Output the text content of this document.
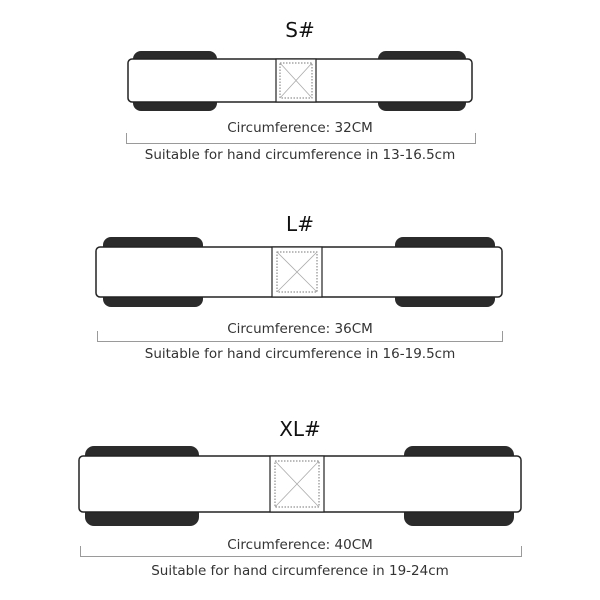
S#
Circumference: 32CM
Suitable for hand circumference in 13-16.5cm
L#
Circumference: 36CM
Suitable for hand circumference in 16-19.5cm
XL#
Circumference: 40CM
Suitable for hand circumference in 19-24cm
